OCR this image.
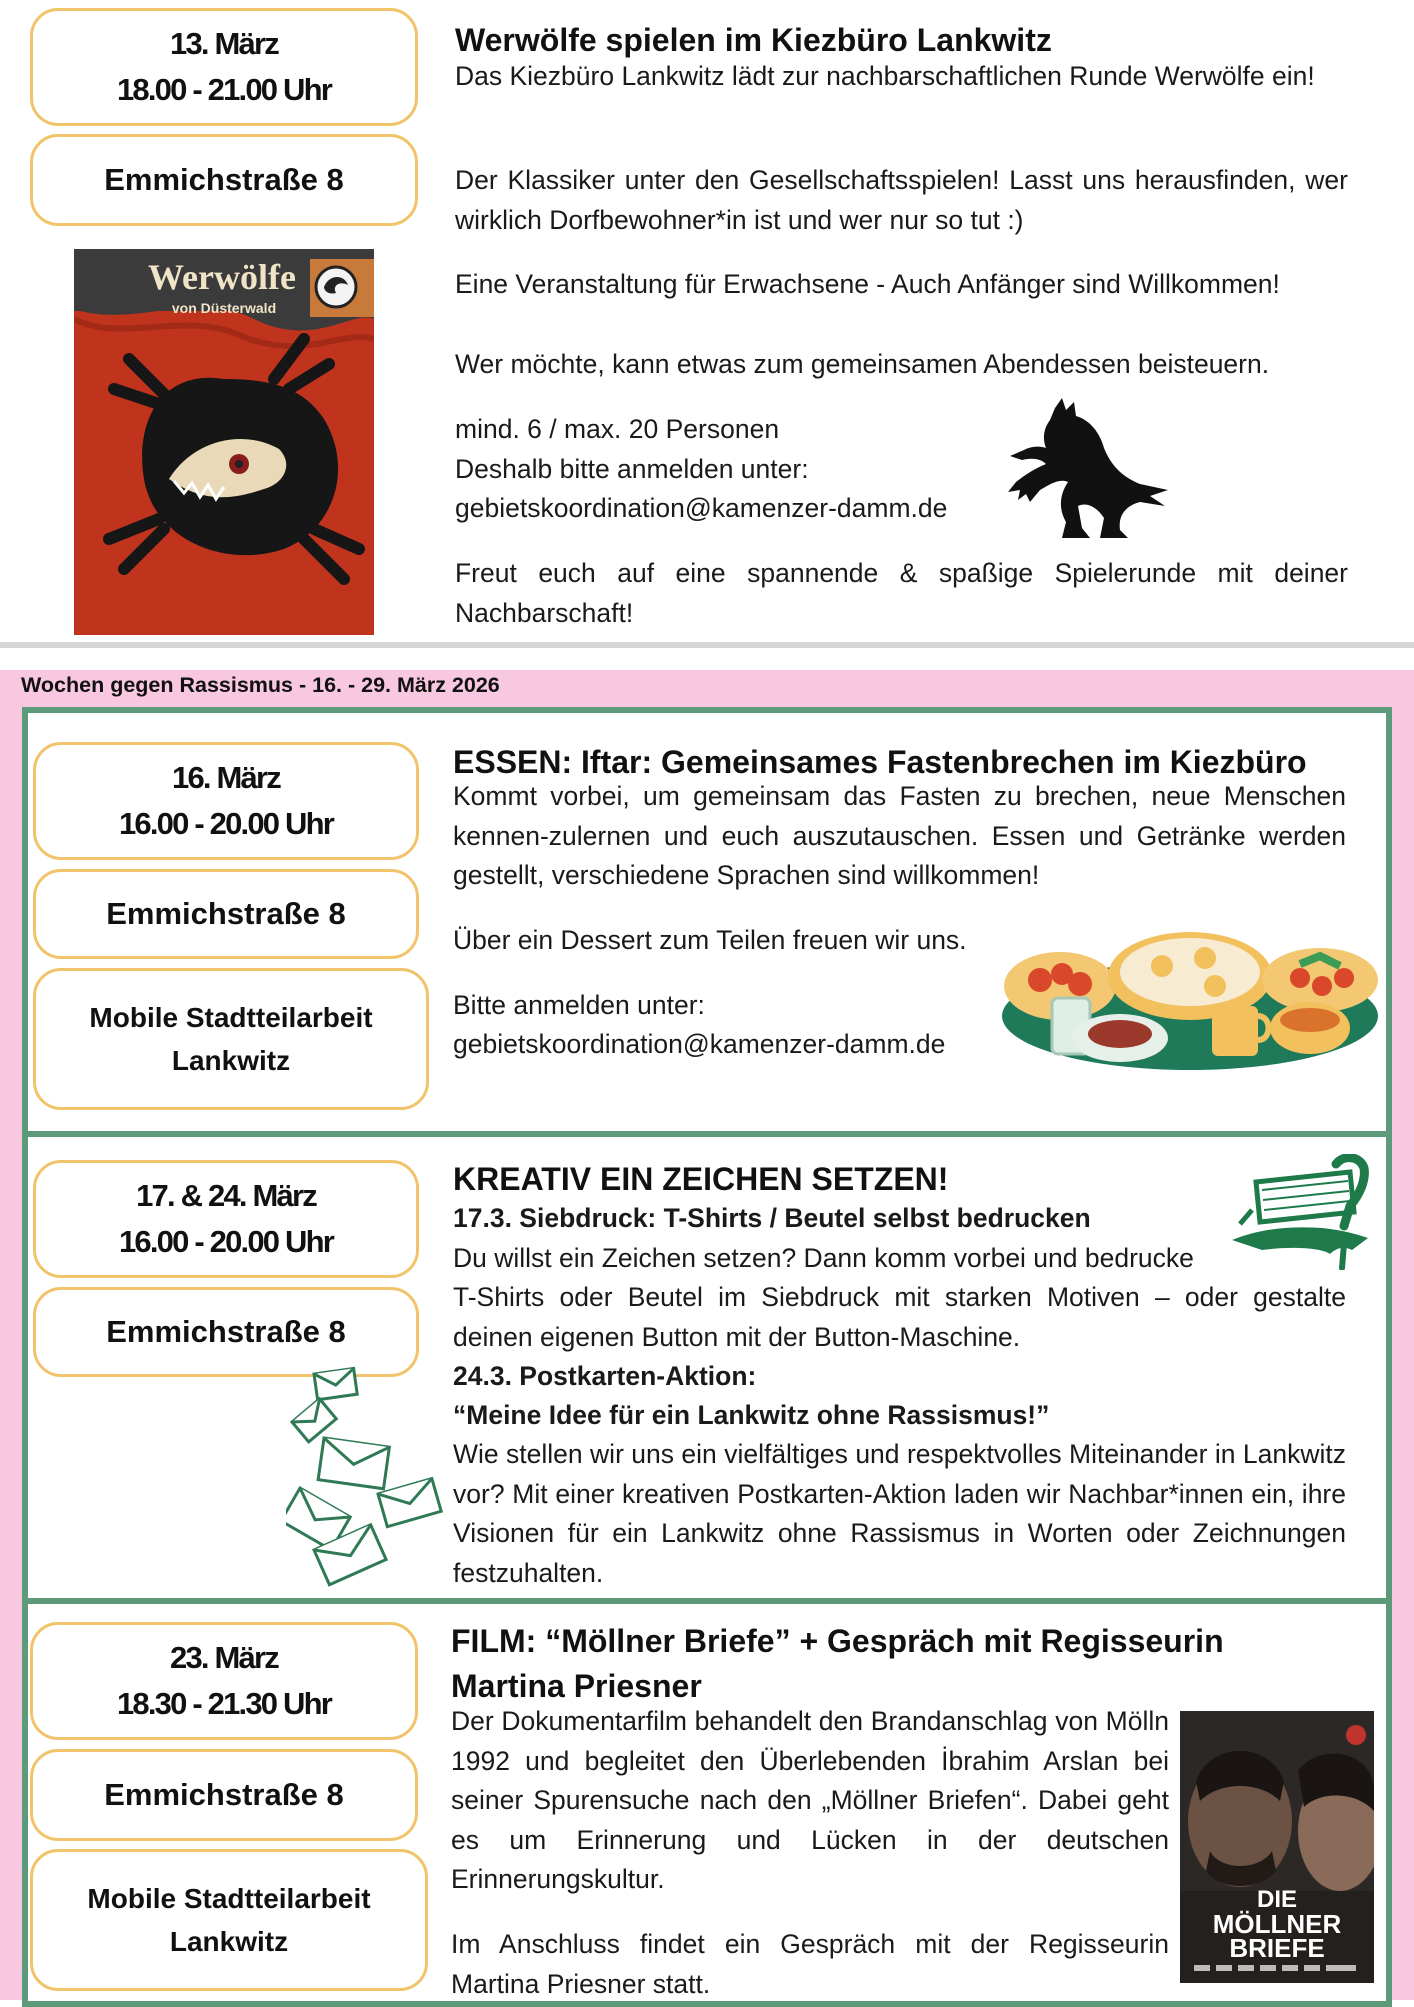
13. März
18.00 - 21.00 Uhr
Emmichstraße 8
Werwölfe
von Düsterwald
Werwölfe spielen im Kiezbüro Lankwitz
Das Kiezbüro Lankwitz lädt zur nachbarschaftlichen Runde Werwölfe ein!
Der Klassiker unter den Gesellschaftsspielen! Lasst uns herausfinden, wer wirklich Dorfbewohner*in ist und wer nur so tut :)
Eine Veranstaltung für Erwachsene - Auch Anfänger sind Willkommen!
Wer möchte, kann etwas zum gemeinsamen Abendessen beisteuern.
mind. 6 / max. 20 Personen
Deshalb bitte anmelden unter:
gebietskoordination@kamenzer-damm.de
Freut euch auf eine spannende & spaßige Spielerunde mit deiner Nachbarschaft!
Wochen gegen Rassismus - 16. - 29. März 2026
16. März
16.00 - 20.00 Uhr
Emmichstraße 8
Mobile Stadtteilarbeit
Lankwitz
ESSEN: Iftar: Gemeinsames Fastenbrechen im Kiezbüro
Kommt vorbei, um gemeinsam das Fasten zu brechen, neue Menschen kennen-zulernen und euch auszutauschen. Essen und Getränke werden gestellt, verschiedene Sprachen sind willkommen!
Über ein Dessert zum Teilen freuen wir uns.
Bitte anmelden unter:
gebietskoordination@kamenzer-damm.de
17. & 24. März
16.00 - 20.00 Uhr
Emmichstraße 8
KREATIV EIN ZEICHEN SETZEN!
17.3. Siebdruck: T-Shirts / Beutel selbst bedrucken
Du willst ein Zeichen setzen? Dann komm vorbei und bedrucke
T-Shirts oder Beutel im Siebdruck mit starken Motiven – oder gestalte deinen eigenen Button mit der Button-Maschine.
24.3. Postkarten-Aktion:
“Meine Idee für ein Lankwitz ohne Rassismus!”
Wie stellen wir uns ein vielfältiges und respektvolles Miteinander in Lankwitz vor? Mit einer kreativen Postkarten-Aktion laden wir Nachbar*innen ein, ihre Visionen für ein Lankwitz ohne Rassismus in Worten oder Zeichnungen festzuhalten.
23. März
18.30 - 21.30 Uhr
Emmichstraße 8
Mobile Stadtteilarbeit
Lankwitz
FILM: “Möllner Briefe” + Gespräch mit Regisseurin
Martina Priesner
Der Dokumentarfilm behandelt den Brandanschlag von Mölln 1992 und begleitet den Überlebenden İbrahim Arslan bei seiner Spurensuche nach den „Möllner Briefen“. Dabei geht es um Erinnerung und Lücken in der deutschen Erinnerungskultur.
Im Anschluss findet ein Gespräch mit der Regisseurin Martina Priesner statt.
DIE
MÖLLNER
BRIEFE
